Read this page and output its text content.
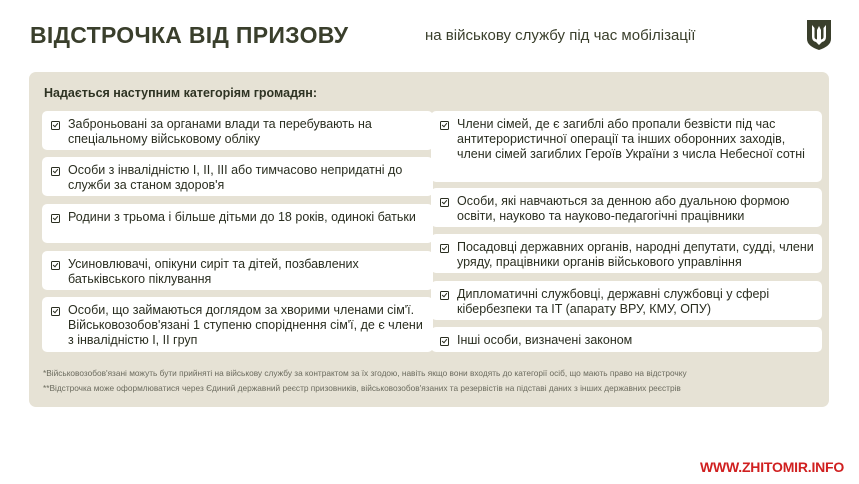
ВІДСТРОЧКА ВІД ПРИЗОВУ	на військову службу під час мобілізації
Надається наступним категоріям громадян:
Заброньовані за органами влади та перебувають на спеціальному військовому обліку
Особи з інвалідністю I, II, III або тимчасово непридатні до служби за станом здоров'я
Родини з трьома і більше дітьми до 18 років, одинокі батьки
Усиновлювачі, опікуни сиріт та дітей, позбавлених батьківського піклування
Особи, що займаються доглядом за хворими членами сім'ї. Військовозобов'язані 1 ступеню споріднення сім'ї, де є члени з інвалідністю I, II груп
Члени сімей, де є загиблі або пропали безвісти під час антитерористичної операції та інших оборонних заходів, члени сімей загиблих Героїв України з числа Небесної сотні
Особи, які навчаються за денною або дуальною формою освіти, науково та науково-педагогічні працівники
Посадовці державних органів, народні депутати, судді, члени уряду, працівники органів військового управління
Дипломатичні службовці, державні службовці у сфері кібербезпеки та IT (апарату ВРУ, КМУ, ОПУ)
Інші особи, визначені законом
*Військовозобов'язані можуть бути прийняті на військову службу за контрактом за їх згодою, навіть якщо вони входять до категорії осіб, що мають право на відстрочку
**Відстрочка може оформлюватися через Єдиний державний реєстр призовників, військовозобов'язаних та резервістів на підставі даних з інших державних реєстрів
WWW.ZHITOMIR.INFO
